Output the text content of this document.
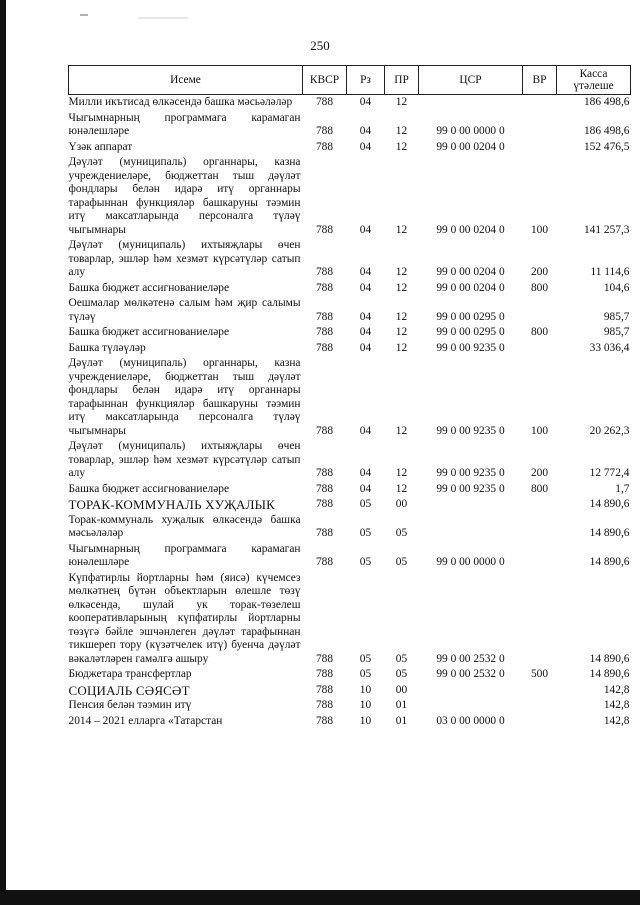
250
Исеме	КВСР	Рз	ПР	ЦСР	ВР	Касса үтәлеше
Милли икътисад өлкәсендә башка мәсьәләләр	788	04	12			186 498,6
Чыгымнарның программага карамаган юнәлешләре	788	04	12	99 0 00 0000 0		186 498,6
Үзәк аппарат	788	04	12	99 0 00 0204 0		152 476,5
Дәүләт (муниципаль) органнары, казна учреждениеләре, бюджеттан тыш дәүләт фондлары белән идарә итү органнары тарафыннан функцияләр башкаруны тәэмин итү максатларында персоналга түләү чыгымнары	788	04	12	99 0 00 0204 0	100	141 257,3
Дәүләт (муниципаль) ихтыяҗлары өчен товарлар, эшләр һәм хезмәт күрсәтүләр сатып алу	788	04	12	99 0 00 0204 0	200	11 114,6
Башка бюджет ассигнованиеләре	788	04	12	99 0 00 0204 0	800	104,6
Оешмалар мөлкәтенә салым һәм җир салымы түләү	788	04	12	99 0 00 0295 0		985,7
Башка бюджет ассигнованиеләре	788	04	12	99 0 00 0295 0	800	985,7
Башка түләүләр	788	04	12	99 0 00 9235 0		33 036,4
Дәүләт (муниципаль) органнары, казна учреждениеләре, бюджеттан тыш дәүләт фондлары белән идарә итү органнары тарафыннан функцияләр башкаруны тәэмин итү максатларында персоналга түләү чыгымнары	788	04	12	99 0 00 9235 0	100	20 262,3
Дәүләт (муниципаль) ихтыяҗлары өчен товарлар, эшләр һәм хезмәт күрсәтүләр сатып алу	788	04	12	99 0 00 9235 0	200	12 772,4
Башка бюджет ассигнованиеләре	788	04	12	99 0 00 9235 0	800	1,7
ТОРАК-КОММУНАЛЬ ХУҖАЛЫК	788	05	00			14 890,6
Торак-коммуналь хуҗалык өлкәсендә башка мәсьәләләр	788	05	05			14 890,6
Чыгымнарның программага карамаган юнәлешләре	788	05	05	99 0 00 0000 0		14 890,6
Күпфатирлы йортларны һәм (яисә) күчемсез мөлкәтнең бүтән объектларын өлешле төзү өлкәсендә, шулай ук торак-төзелеш кооперативларының күпфатирлы йортларны төзүгә бәйле эшчәнлеген дәүләт тарафыннан тикшереп тору (күзәтчелек итү) буенча дәүләт вәкаләтләрен гамәлгә ашыру	788	05	05	99 0 00 2532 0		14 890,6
Бюджетара трансфертлар	788	05	05	99 0 00 2532 0	500	14 890,6
СОЦИАЛЬ СӘЯСӘТ	788	10	00			142,8
Пенсия белән тәэмин итү	788	10	01			142,8
2014 – 2021 елларга «Татарстан	788	10	01	03 0 00 0000 0		142,8
